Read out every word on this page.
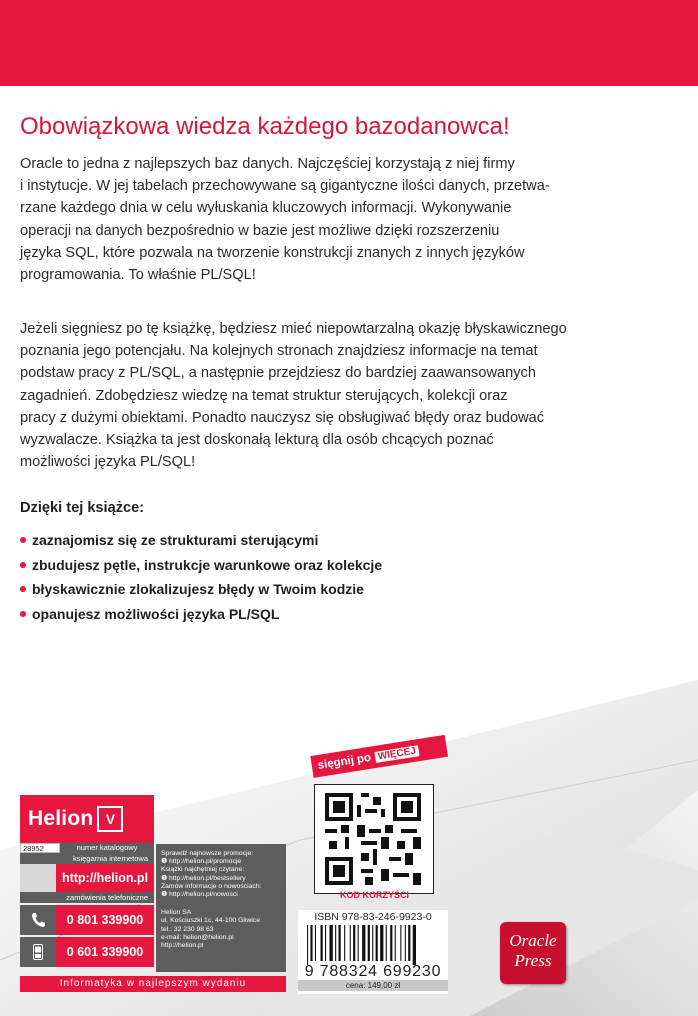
Obowiązkowa wiedza każdego bazodanowca!

Oracle to jedna z najlepszych baz danych. Najczęściej korzystają z niej firmy
i instytucje. W jej tabelach przechowywane są gigantyczne ilości danych, przetwa-
rzane każdego dnia w celu wyłuskania kluczowych informacji. Wykonywanie
operacji na danych bezpośrednio w bazie jest możliwe dzięki rozszerzeniu
języka SQL, które pozwala na tworzenie konstrukcji znanych z innych języków
programowania. To właśnie PL/SQL!

Jeżeli sięgniesz po tę książkę, będziesz mieć niepowtarzalną okazję błyskawicznego
poznania jego potencjału. Na kolejnych stronach znajdziesz informacje na temat
podstaw pracy z PL/SQL, a następnie przejdziesz do bardziej zaawansowanych
zagadnień. Zdobędziesz wiedzę na temat struktur sterujących, kolekcji oraz
pracy z dużymi obiektami. Ponadto nauczysz się obsługiwać błędy oraz budować
wyzwalacze. Książka ta jest doskonałą lekturą dla osób chcących poznać
możliwości języka PL/SQL!

Dzięki tej książce:
zaznajomisz się ze strukturami sterującymi
zbudujesz pętle, instrukcje warunkowe oraz kolekcje
błyskawicznie zlokalizujesz błędy w Twoim kodzie
opanujesz możliwości języka PL/SQL
Helion V
28952	numer katalogowy
księgarnia internetowa
http://helion.pl
zamówienia telefoniczne
0 801 339900
0 601 339900
Sprawdź najnowsze promocje:
❶ http://helion.pl/promocje
Książki najchętniej czytane:
❶ http://helion.pl/bestsellery
Zamów informacje o nowościach:
❶ http://helion.pl/nowosci
Helion SA
ul. Kościuszki 1c, 44-100 Gliwice
tel.: 32 230 98 63
e-mail: helion@helion.pl
http://helion.pl
Informatyka w najlepszym wydaniu
sięgnij po WIĘCEJ
KOD KORZYŚCI
ISBN 978-83-246-9923-0
9 788324 699230
cena: 149,00 zł
Oracle
Press
